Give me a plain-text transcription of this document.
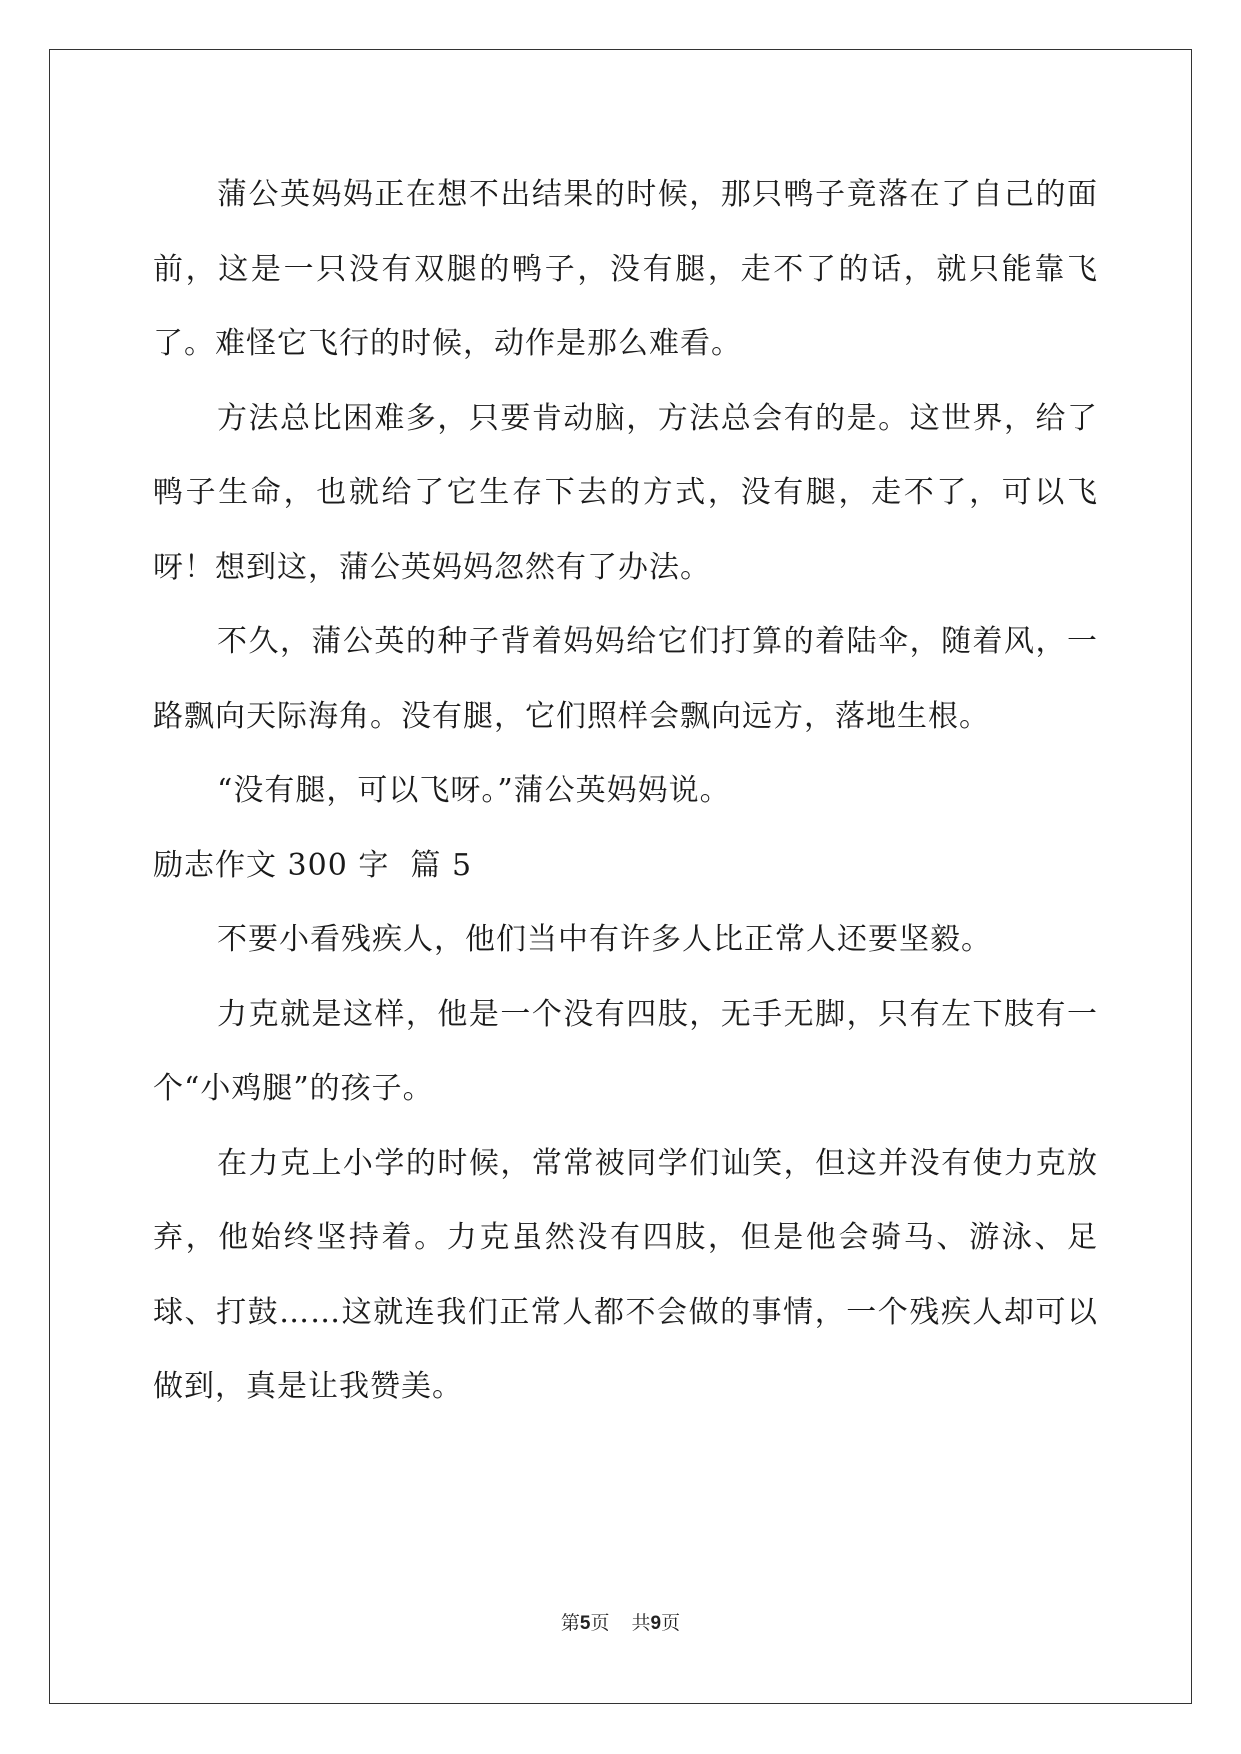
蒲公英妈妈正在想不出结果的时候，那只鸭子竟落在了自己的面前，这是一只没有双腿的鸭子，没有腿，走不了的话，就只能靠飞了。难怪它飞行的时候，动作是那么难看。

方法总比困难多，只要肯动脑，方法总会有的是。这世界，给了鸭子生命，也就给了它生存下去的方式，没有腿，走不了，可以飞呀！想到这，蒲公英妈妈忽然有了办法。

不久，蒲公英的种子背着妈妈给它们打算的着陆伞，随着风，一路飘向天际海角。没有腿，它们照样会飘向远方，落地生根。

“没有腿，可以飞呀。”蒲公英妈妈说。

励志作文 300 字  篇 5

不要小看残疾人，他们当中有许多人比正常人还要坚毅。

力克就是这样，他是一个没有四肢，无手无脚，只有左下肢有一个“小鸡腿”的孩子。

在力克上小学的时候，常常被同学们讪笑，但这并没有使力克放弃，他始终坚持着。力克虽然没有四肢，但是他会骑马、游泳、足球、打鼓……这就连我们正常人都不会做的事情，一个残疾人却可以做到，真是让我赞美。

第5页 共9页
